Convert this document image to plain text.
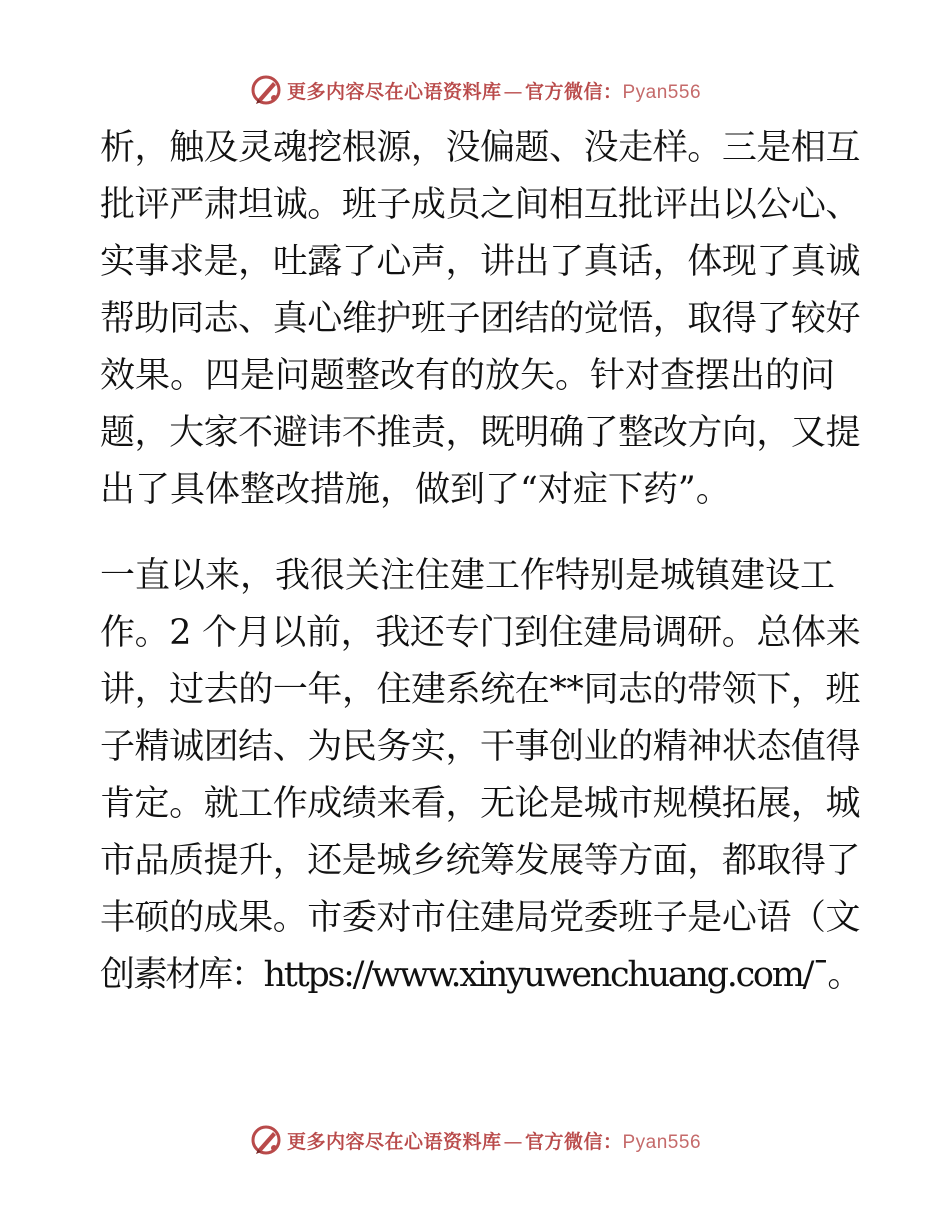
更多内容尽在心语资料库 — 官方微信：Pyan556
析，触及灵魂挖根源，没偏题、没走样。三是相互
批评严肃坦诚。班子成员之间相互批评出以公心、
实事求是，吐露了心声，讲出了真话，体现了真诚
帮助同志、真心维护班子团结的觉悟，取得了较好
效果。四是问题整改有的放矢。针对查摆出的问
题，大家不避讳不推责，既明确了整改方向，又提
出了具体整改措施，做到了“对症下药”。
一直以来，我很关注住建工作特别是城镇建设工
作。2 个月以前，我还专门到住建局调研。总体来
讲，过去的一年，住建系统在**同志的带领下，班
子精诚团结、为民务实，干事创业的精神状态值得
肯定。就工作成绩来看，无论是城市规模拓展，城
市品质提升，还是城乡统筹发展等方面，都取得了
丰硕的成果。市委对市住建局党委班子是心语（文
创素材库：https://www.xinyuwenchuang.com/¯。
更多内容尽在心语资料库 — 官方微信：Pyan556
